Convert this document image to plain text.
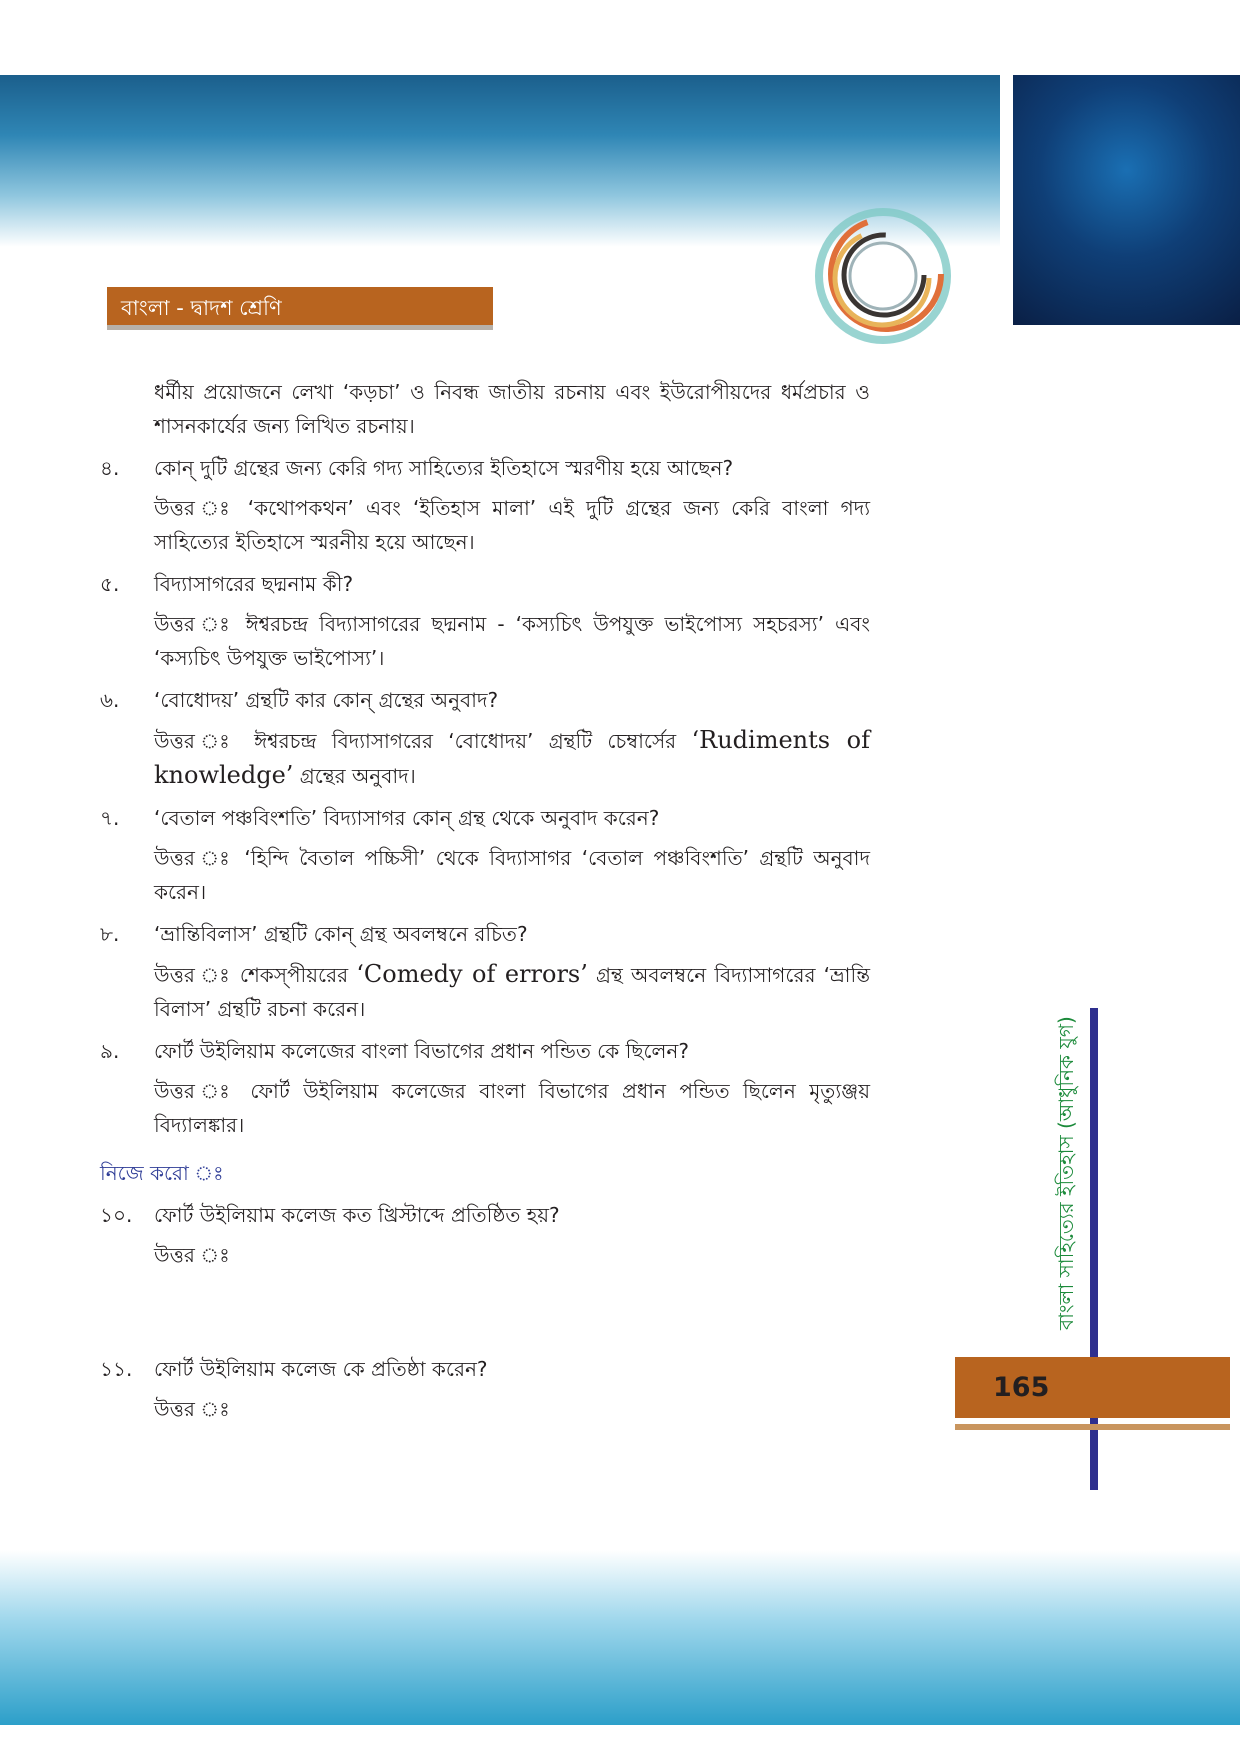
বাংলা - দ্বাদশ শ্রেণি
ধর্মীয় প্রয়োজনে লেখা ‘কড়চা’ ও নিবন্ধ জাতীয় রচনায় এবং ইউরোপীয়দের ধর্মপ্রচার ও শাসনকার্যের জন্য লিখিত রচনায়।
৪.	কোন্ দুটি গ্রন্থের জন্য কেরি গদ্য সাহিত্যের ইতিহাসে স্মরণীয় হয়ে আছেন?
উত্তর ঃ ‘কথোপকথন’ এবং ‘ইতিহাস মালা’ এই দুটি গ্রন্থের জন্য কেরি বাংলা গদ্য সাহিত্যের ইতিহাসে স্মরনীয় হয়ে আছেন।
৫.	বিদ্যাসাগরের ছদ্মনাম কী?
উত্তর ঃ ঈশ্বরচন্দ্র বিদ্যাসাগরের ছদ্মনাম - ‘কস্যচিৎ উপযুক্ত ভাইপোস্য সহচরস্য’ এবং ‘কস্যচিৎ উপযুক্ত ভাইপোস্য’।
৬.	‘বোধোদয়’ গ্রন্থটি কার কোন্ গ্রন্থের অনুবাদ?
উত্তর ঃ ঈশ্বরচন্দ্র বিদ্যাসাগরের ‘বোধোদয়’ গ্রন্থটি চেম্বার্সের ‘Rudiments of knowledge’ গ্রন্থের অনুবাদ।
৭.	‘বেতাল পঞ্চবিংশতি’ বিদ্যাসাগর কোন্ গ্রন্থ থেকে অনুবাদ করেন?
উত্তর ঃ ‘হিন্দি বৈতাল পচ্চিসী’ থেকে বিদ্যাসাগর ‘বেতাল পঞ্চবিংশতি’ গ্রন্থটি অনুবাদ করেন।
৮.	‘ভ্রান্তিবিলাস’ গ্রন্থটি কোন্ গ্রন্থ অবলম্বনে রচিত?
উত্তর ঃ শেকস্‌পীয়রের ‘Comedy of errors’ গ্রন্থ অবলম্বনে বিদ্যাসাগরের ‘ভ্রান্তি বিলাস’ গ্রন্থটি রচনা করেন।
৯.	ফোর্ট উইলিয়াম কলেজের বাংলা বিভাগের প্রধান পন্ডিত কে ছিলেন?
উত্তর ঃ ফোর্ট উইলিয়াম কলেজের বাংলা বিভাগের প্রধান পন্ডিত ছিলেন মৃত্যুঞ্জয় বিদ্যালঙ্কার।
নিজে করো ঃ
১০.	ফোর্ট উইলিয়াম কলেজ কত খ্রিস্টাব্দে প্রতিষ্ঠিত হয়?
উত্তর ঃ
১১.	ফোর্ট উইলিয়াম কলেজ কে প্রতিষ্ঠা করেন?
উত্তর ঃ
বাংলা সাহিত্যের ইতিহাস (আধুনিক যুগ)
165
